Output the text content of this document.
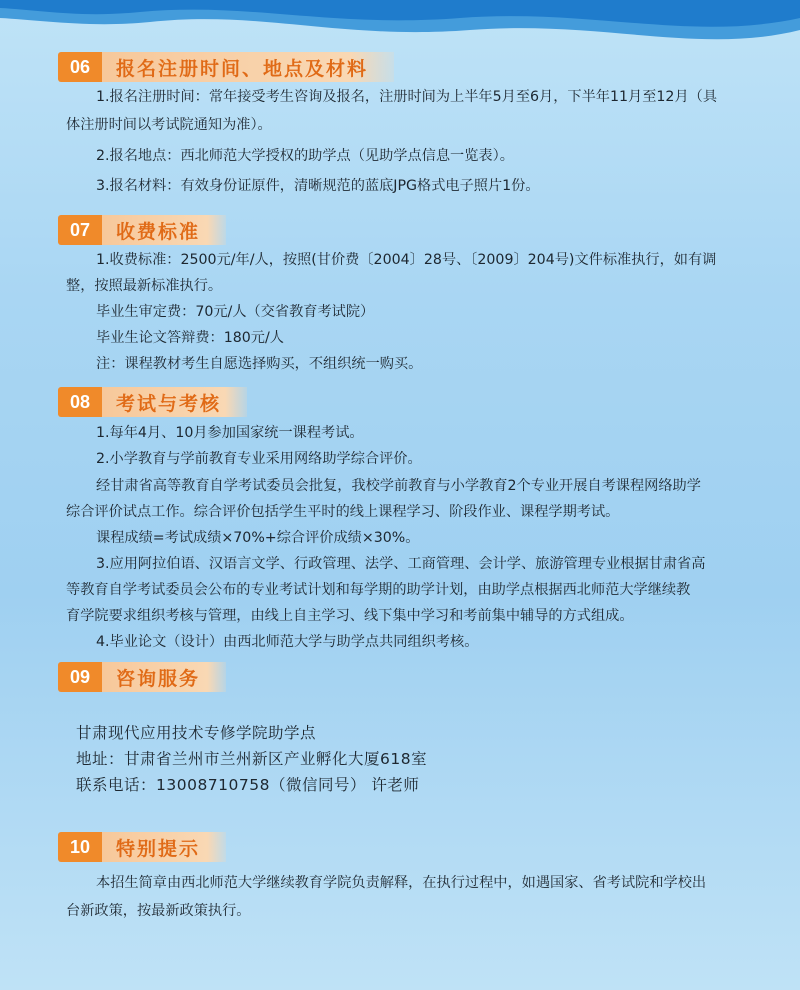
06	报名注册时间、地点及材料
1.报名注册时间：常年接受考生咨询及报名，注册时间为上半年5月至6月，下半年11月至12月（具
体注册时间以考试院通知为准）。
2.报名地点：西北师范大学授权的助学点（见助学点信息一览表）。
3.报名材料：有效身份证原件，清晰规范的蓝底JPG格式电子照片1份。
07	收费标准
1.收费标准：2500元/年/人，按照(甘价费〔2004〕28号、〔2009〕204号)文件标准执行，如有调
整，按照最新标准执行。
毕业生审定费：70元/人（交省教育考试院）
毕业生论文答辩费：180元/人
注：课程教材考生自愿选择购买，不组织统一购买。
08	考试与考核
1.每年4月、10月参加国家统一课程考试。
2.小学教育与学前教育专业采用网络助学综合评价。
经甘肃省高等教育自学考试委员会批复，我校学前教育与小学教育2个专业开展自考课程网络助学
综合评价试点工作。综合评价包括学生平时的线上课程学习、阶段作业、课程学期考试。
课程成绩=考试成绩×70%+综合评价成绩×30%。
3.应用阿拉伯语、汉语言文学、行政管理、法学、工商管理、会计学、旅游管理专业根据甘肃省高
等教育自学考试委员会公布的专业考试计划和每学期的助学计划，由助学点根据西北师范大学继续教
育学院要求组织考核与管理，由线上自主学习、线下集中学习和考前集中辅导的方式组成。
4.毕业论文（设计）由西北师范大学与助学点共同组织考核。
09	咨询服务
甘肃现代应用技术专修学院助学点
地址：甘肃省兰州市兰州新区产业孵化大厦618室
联系电话：13008710758（微信同号） 许老师
10	特别提示
本招生简章由西北师范大学继续教育学院负责解释，在执行过程中，如遇国家、省考试院和学校出
台新政策，按最新政策执行。
